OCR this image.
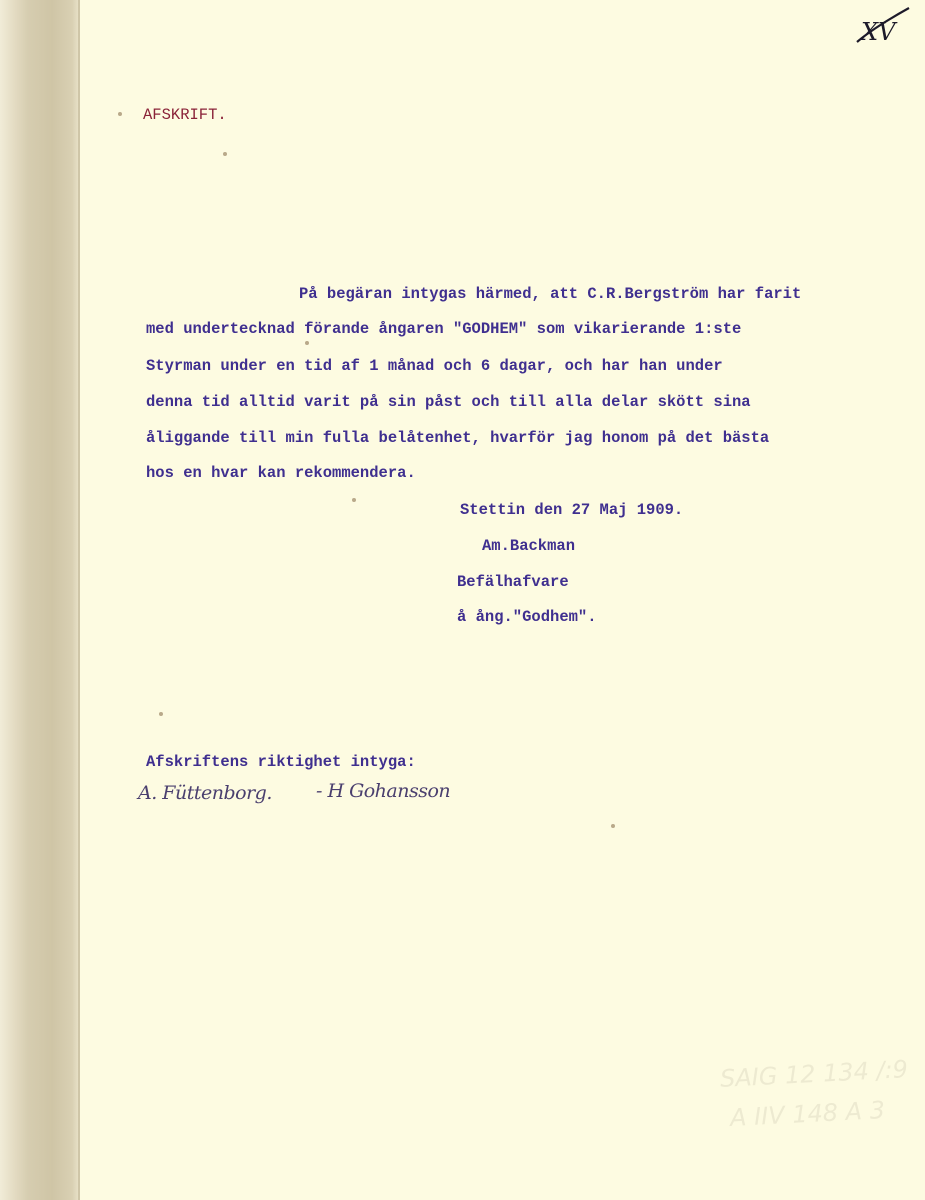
XV
AFSKRIFT.
På begäran intygas härmed, att C.R.Bergström har farit
med undertecknad förande ångaren "GODHEM" som vikarierande 1:ste
Styrman under en tid af 1 månad och 6 dagar, och har han under
denna tid alltid varit på sin påst och till alla delar skött sina
åliggande till min fulla belåtenhet, hvarför jag honom på det bästa
hos en hvar kan rekommendera.
Stettin den 27 Maj 1909.
Am.Backman
Befälhafvare
å ång."Godhem".
Afskriftens riktighet intyga:
A. Füttenborg. - H Gohansson
SAIG 12 134 /:9
A IIV 148 A 3
